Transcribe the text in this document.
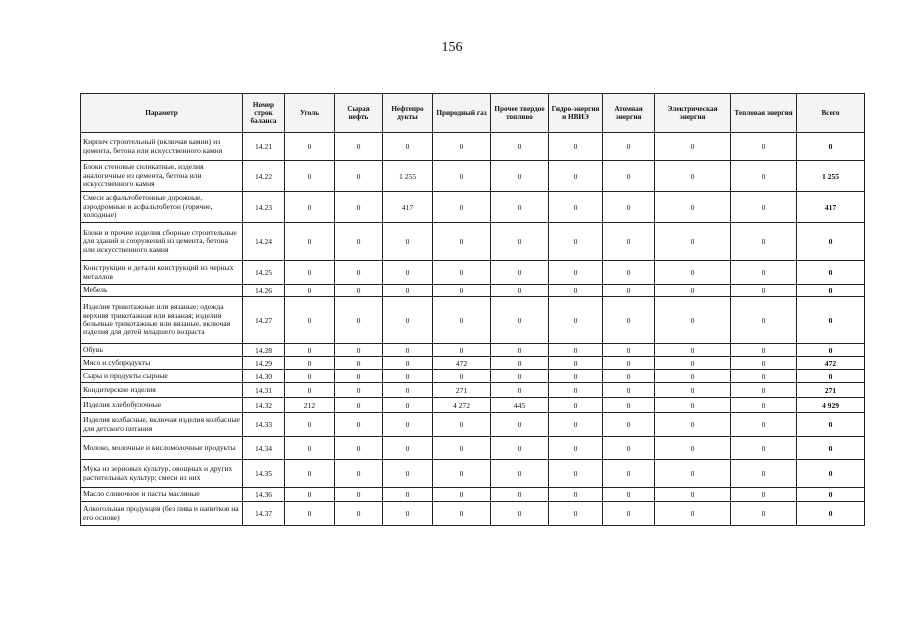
156
Параметр	Номер строк баланса	Уголь	Сырая нефть	Нефтепро дукты	Природный газ	Прочее твердое топливо	Гидро-энергия и НВИЭ	Атомная энергия	Электрическая энергия	Тепловая энергия	Всего
Кирпич строительный (включая камни) из цемента, бетона или искусственного камня	14.21	0	0	0	0	0	0	0	0	0	0
Блоки стеновые силикатные, изделия аналогичные из цемента, бетона или искусственного камня	14.22	0	0	1 255	0	0	0	0	0	0	1 255
Смеси асфальтобетонные дорожные, аэродромные и асфальтобетон (горячие, холодные)	14.23	0	0	417	0	0	0	0	0	0	417
Блоки и прочие изделия сборные строительные для зданий и сооружений из цемента, бетона или искусственного камня	14.24	0	0	0	0	0	0	0	0	0	0
Конструкции и детали конструкций из черных металлов	14.25	0	0	0	0	0	0	0	0	0	0
Мебель	14.26	0	0	0	0	0	0	0	0	0	0
Изделия трикотажные или вязаные; одежда верхняя трикотажная или вязаная; изделия бельевые трикотажные или вязаные, включая изделия для детей младшего возраста	14.27	0	0	0	0	0	0	0	0	0	0
Обувь	14.28	0	0	0	0	0	0	0	0	0	0
Мясо и субпродукты	14.29	0	0	0	472	0	0	0	0	0	472
Сыры и продукты сырные	14.30	0	0	0	0	0	0	0	0	0	0
Кондитерские изделия	14.31	0	0	0	271	0	0	0	0	0	271
Изделия хлебобулочные	14.32	212	0	0	4 272	445	0	0	0	0	4 929
Изделия колбасные, включая изделия колбасные для детского питания	14.33	0	0	0	0	0	0	0	0	0	0
Молоко, молочные и кисломолочные продукты	14.34	0	0	0	0	0	0	0	0	0	0
Мука из зерновых культур, овощных и других растительных культур; смеси из них	14.35	0	0	0	0	0	0	0	0	0	0
Масло сливочное и пасты масляные	14.36	0	0	0	0	0	0	0	0	0	0
Алкогольная продукция (без пива и напитков на его основе)	14.37	0	0	0	0	0	0	0	0	0	0
